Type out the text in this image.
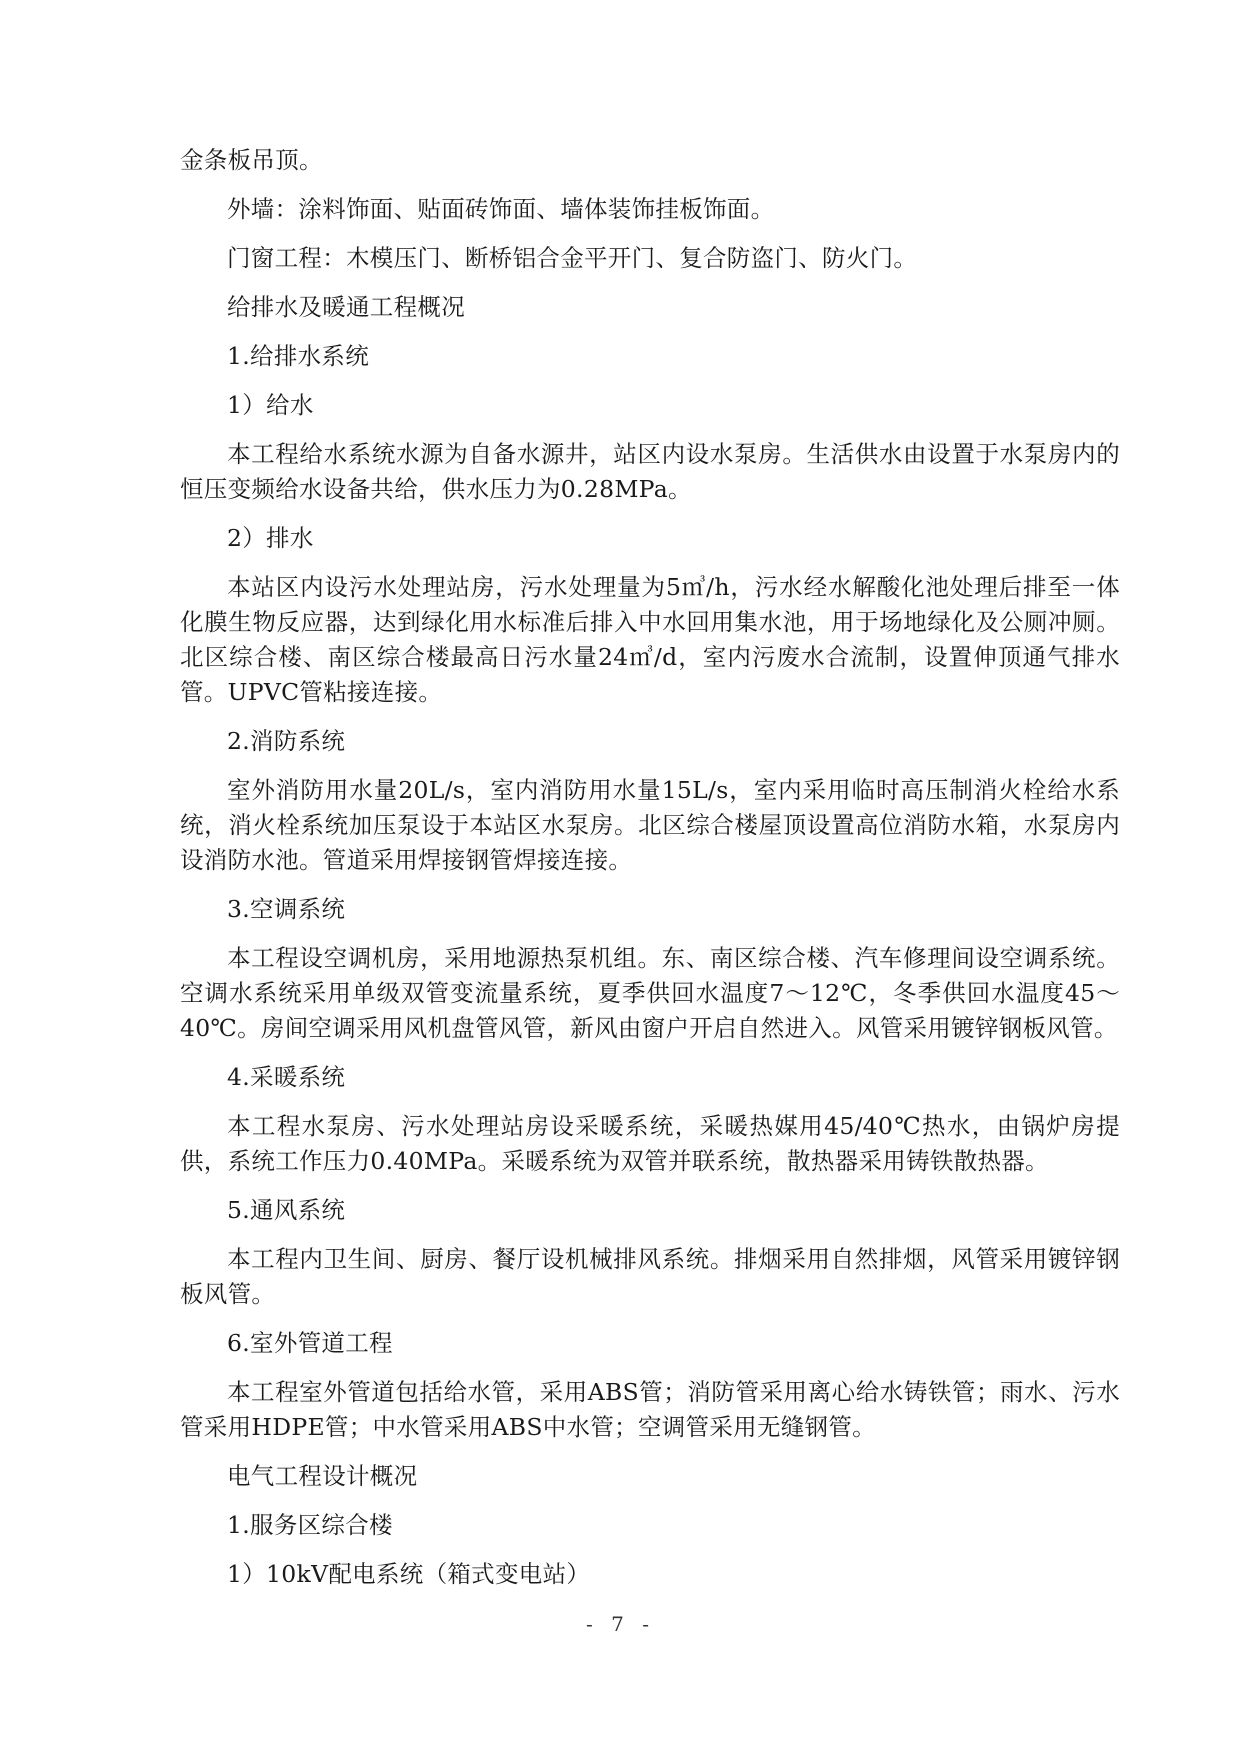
金条板吊顶。

外墙：涂料饰面、贴面砖饰面、墙体装饰挂板饰面。

门窗工程：木模压门、断桥铝合金平开门、复合防盗门、防火门。

给排水及暖通工程概况

1.给排水系统

1）给水

本工程给水系统水源为自备水源井，站区内设水泵房。生活供水由设置于水泵房内的恒压变频给水设备共给，供水压力为0.28MPa。

2）排水

本站区内设污水处理站房，污水处理量为5㎥/h，污水经水解酸化池处理后排至一体化膜生物反应器，达到绿化用水标准后排入中水回用集水池，用于场地绿化及公厕冲厕。北区综合楼、南区综合楼最高日污水量24㎥/d，室内污废水合流制，设置伸顶通气排水管。UPVC管粘接连接。

2.消防系统

室外消防用水量20L/s，室内消防用水量15L/s，室内采用临时高压制消火栓给水系统，消火栓系统加压泵设于本站区水泵房。北区综合楼屋顶设置高位消防水箱，水泵房内设消防水池。管道采用焊接钢管焊接连接。

3.空调系统

本工程设空调机房，采用地源热泵机组。东、南区综合楼、汽车修理间设空调系统。空调水系统采用单级双管变流量系统，夏季供回水温度7～12℃，冬季供回水温度45～40℃。房间空调采用风机盘管风管，新风由窗户开启自然进入。风管采用镀锌钢板风管。

4.采暖系统

本工程水泵房、污水处理站房设采暖系统，采暖热媒用45/40℃热水，由锅炉房提供，系统工作压力0.40MPa。采暖系统为双管并联系统，散热器采用铸铁散热器。

5.通风系统

本工程内卫生间、厨房、餐厅设机械排风系统。排烟采用自然排烟，风管采用镀锌钢板风管。

6.室外管道工程

本工程室外管道包括给水管，采用ABS管；消防管采用离心给水铸铁管；雨水、污水管采用HDPE管；中水管采用ABS中水管；空调管采用无缝钢管。

电气工程设计概况

1.服务区综合楼

1）10kV配电系统（箱式变电站）

- 7 -
